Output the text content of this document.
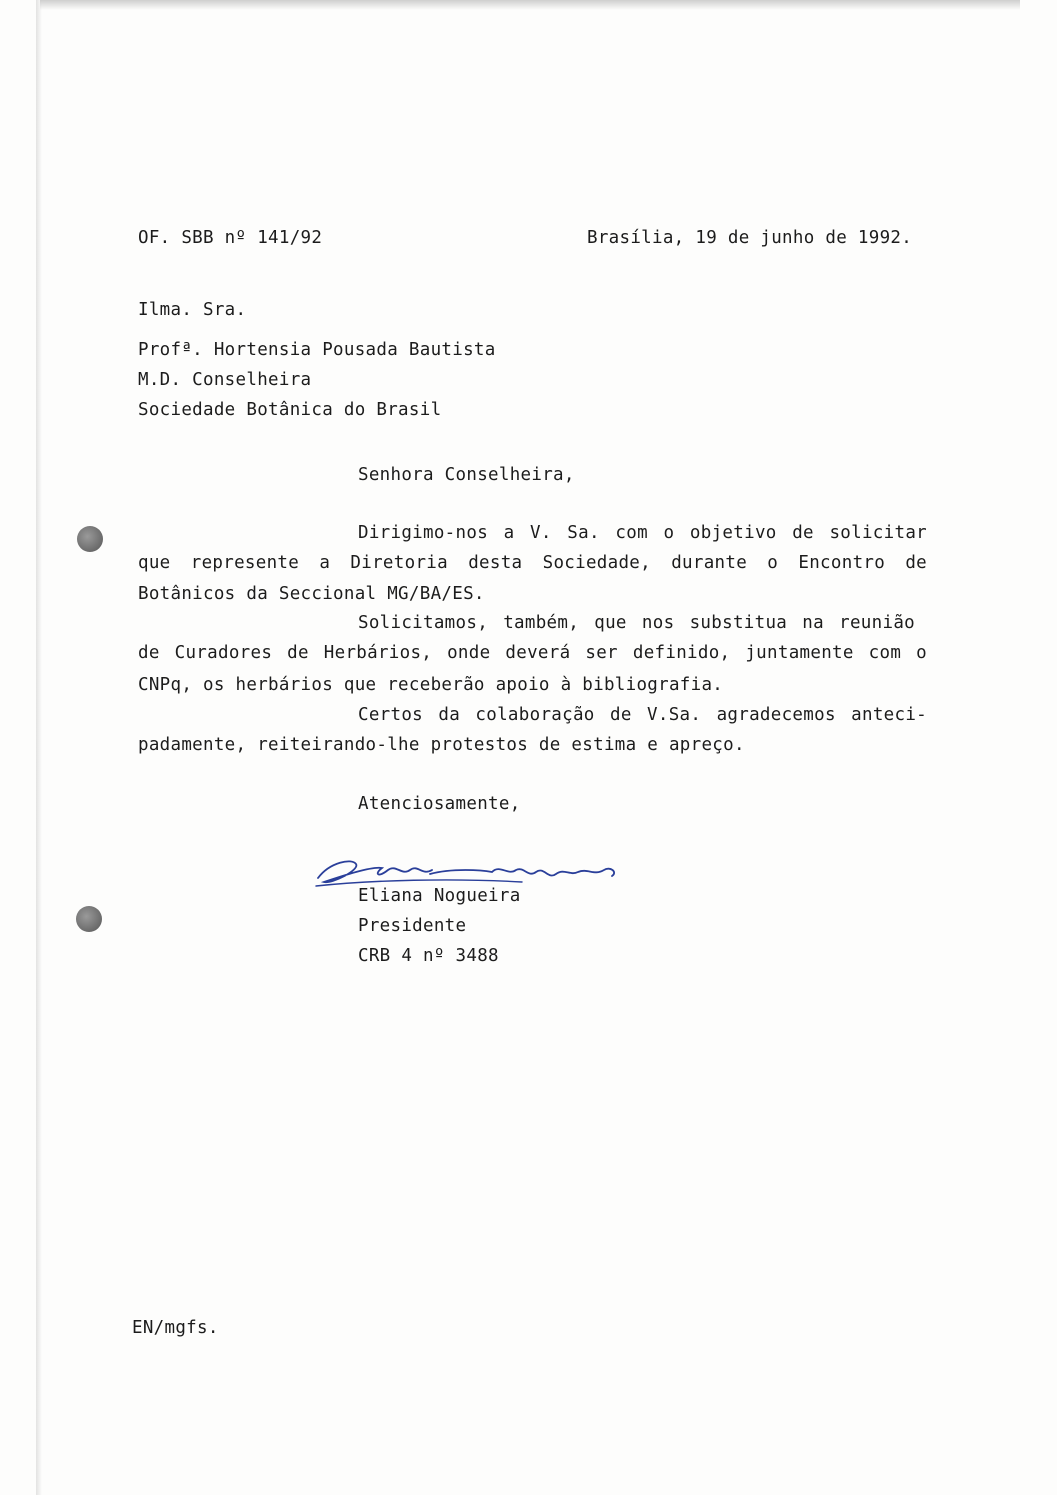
OF. SBB nº 141/92	Brasília, 19 de junho de 1992.
Ilma. Sra.
Profª. Hortensia Pousada Bautista
M.D. Conselheira
Sociedade Botânica do Brasil
Senhora Conselheira,
Dirigimo-nos a V. Sa. com o objetivo de solicitar
que represente a Diretoria desta Sociedade, durante o Encontro de
Botânicos da Seccional MG/BA/ES.
Solicitamos, também, que nos substitua na reunião
de Curadores de Herbários, onde deverá ser definido, juntamente com o
CNPq, os herbários que receberão apoio à bibliografia.
Certos da colaboração de V.Sa. agradecemos anteci-
padamente, reiteirando-lhe protestos de estima e apreço.
Atenciosamente,
Eliana Nogueira
Presidente
CRB 4 nº 3488
EN/mgfs.
